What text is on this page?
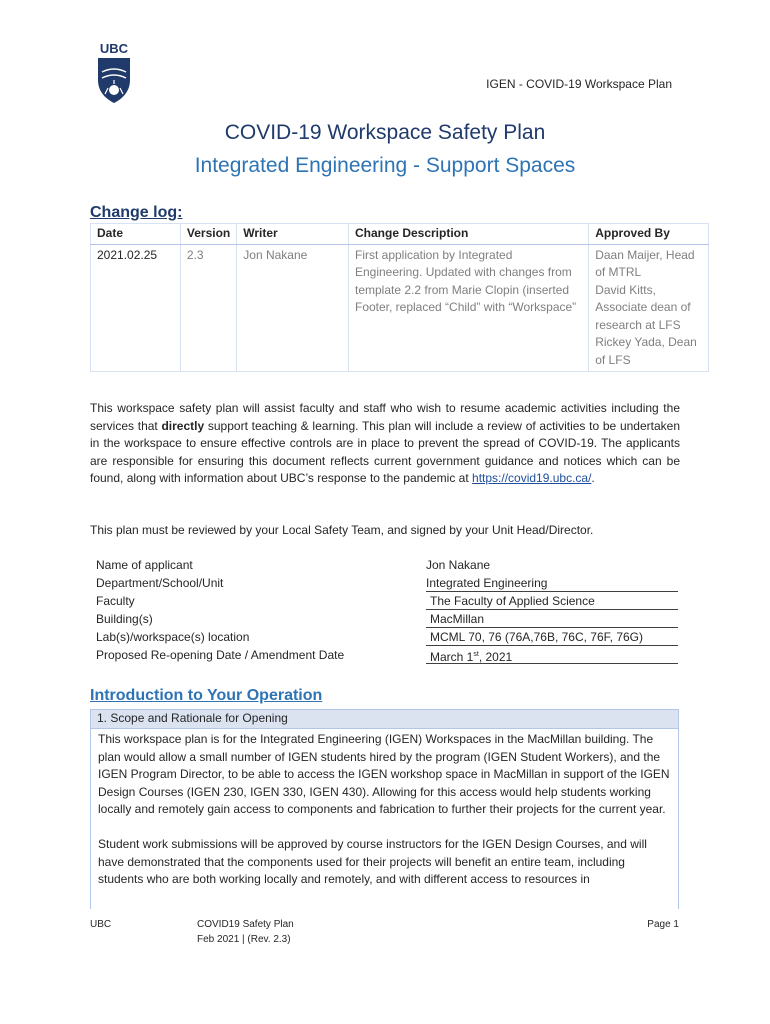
UBC
IGEN - COVID-19 Workspace Plan
COVID-19 Workspace Safety Plan
Integrated Engineering - Support Spaces
Change log:
Date	Version	Writer	Change Description	Approved By
2021.02.25	2.3	Jon Nakane	First application by Integrated Engineering. Updated with changes from template 2.2 from Marie Clopin (inserted Footer, replaced “Child” with “Workspace”	Daan Maijer, Head of MTRL
David Kitts, Associate dean of research at LFS
Rickey Yada, Dean of LFS
This workspace safety plan will assist faculty and staff who wish to resume academic activities including the services that directly support teaching & learning. This plan will include a review of activities to be undertaken in the workspace to ensure effective controls are in place to prevent the spread of COVID-19. The applicants are responsible for ensuring this document reflects current government guidance and notices which can be found, along with information about UBC’s response to the pandemic at https://covid19.ubc.ca/.
This plan must be reviewed by your Local Safety Team, and signed by your Unit Head/Director.
Name of applicant	Jon Nakane
Department/School/Unit	Integrated Engineering
Faculty	The Faculty of Applied Science
Building(s)	MacMillan
Lab(s)/workspace(s) location	MCML 70, 76 (76A,76B, 76C, 76F, 76G)
Proposed Re-opening Date / Amendment Date	March 1st, 2021
Introduction to Your Operation
1. Scope and Rationale for Opening

This workspace plan is for the Integrated Engineering (IGEN) Workspaces in the MacMillan building. The plan would allow a small number of IGEN students hired by the program (IGEN Student Workers), and the IGEN Program Director, to be able to access the IGEN workshop space in MacMillan in support of the IGEN Design Courses (IGEN 230, IGEN 330, IGEN 430). Allowing for this access would help students working locally and remotely gain access to components and fabrication to further their projects for the current year.

Student work submissions will be approved by course instructors for the IGEN Design Courses, and will have demonstrated that the components used for their projects will benefit an entire team, including students who are both working locally and remotely, and with different access to resources in

UBC	COVID19 Safety Plan
Feb 2021 | (Rev. 2.3)
Page 1
